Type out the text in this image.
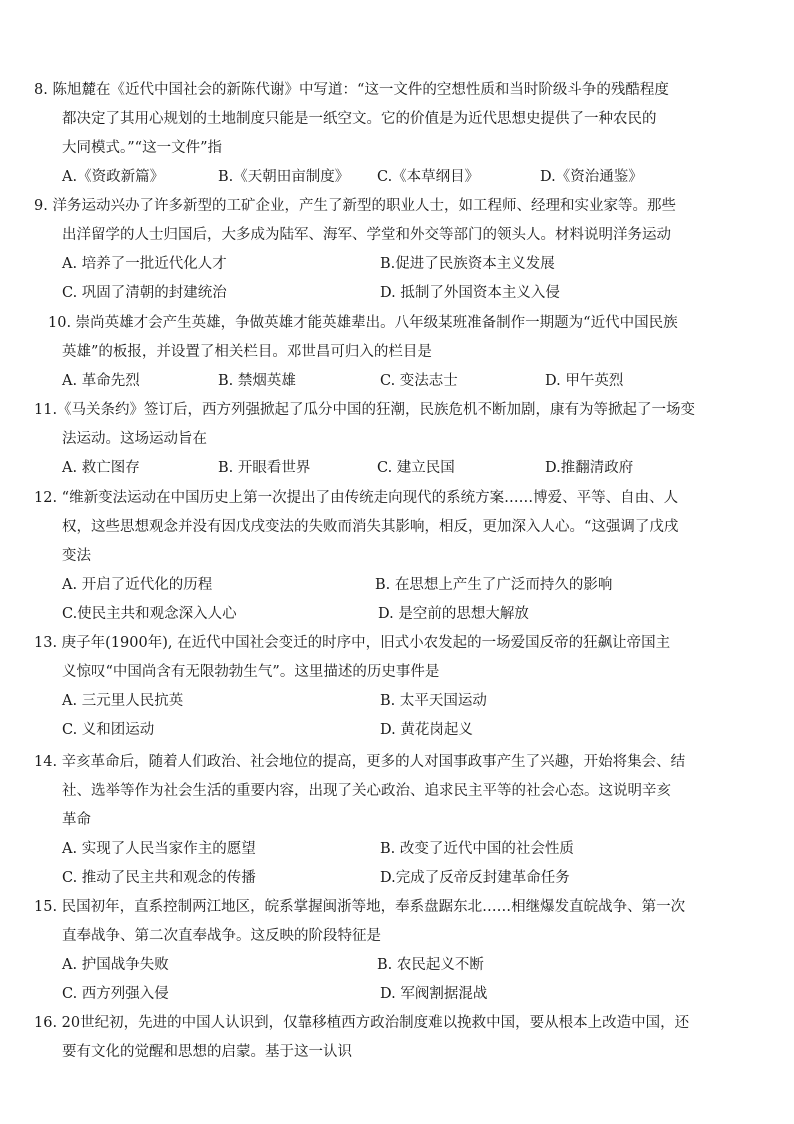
8. 陈旭麓在《近代中国社会的新陈代谢》中写道：“这一文件的空想性质和当时阶级斗争的残酷程度
都决定了其用心规划的土地制度只能是一纸空文。它的价值是为近代思想史提供了一种农民的
大同模式。”“这一文件”指
A.《资政新篇》	B.《天朝田亩制度》 C.《本草纲目》	D.《资治通鉴》
9. 洋务运动兴办了许多新型的工矿企业，产生了新型的职业人士，如工程师、经理和实业家等。那些
出洋留学的人士归国后，大多成为陆军、海军、学堂和外交等部门的领头人。材料说明洋务运动
A. 培养了一批近代化人才	B.促进了民族资本主义发展
C. 巩固了清朝的封建统治	D. 抵制了外国资本主义入侵
10. 崇尚英雄才会产生英雄，争做英雄才能英雄辈出。八年级某班准备制作一期题为“近代中国民族
英雄”的板报，并设置了相关栏目。邓世昌可归入的栏目是
A. 革命先烈	B. 禁烟英雄	C. 变法志士	D. 甲午英烈
11.《马关条约》签订后，西方列强掀起了瓜分中国的狂潮，民族危机不断加剧，康有为等掀起了一场变
法运动。这场运动旨在
A. 救亡图存	B. 开眼看世界	C. 建立民国	D.推翻清政府
12. “维新变法运动在中国历史上第一次提出了由传统走向现代的系统方案……博爱、平等、自由、人
权，这些思想观念并没有因戊戌变法的失败而消失其影响，相反，更加深入人心。“这强调了戊戌
变法
A. 开启了近代化的历程	B. 在思想上产生了广泛而持久的影响
C.使民主共和观念深入人心	D. 是空前的思想大解放
13. 庚子年(1900年), 在近代中国社会变迁的时序中，旧式小农发起的一场爱国反帝的狂飙让帝国主
义惊叹“中国尚含有无限勃勃生气”。这里描述的历史事件是
A. 三元里人民抗英	B. 太平天国运动
C. 义和团运动	D. 黄花岗起义
14. 辛亥革命后，随着人们政治、社会地位的提高，更多的人对国事政事产生了兴趣，开始将集会、结
社、选举等作为社会生活的重要内容，出现了关心政治、追求民主平等的社会心态。这说明辛亥
革命
A. 实现了人民当家作主的愿望	B. 改变了近代中国的社会性质
C. 推动了民主共和观念的传播	D.完成了反帝反封建革命任务
15. 民国初年，直系控制两江地区，皖系掌握闽浙等地，奉系盘踞东北……相继爆发直皖战争、第一次
直奉战争、第二次直奉战争。这反映的阶段特征是
A. 护国战争失败	B. 农民起义不断
C. 西方列强入侵	D. 军阀割据混战
16. 20世纪初，先进的中国人认识到，仅靠移植西方政治制度难以挽救中国，要从根本上改造中国，还
要有文化的觉醒和思想的启蒙。基于这一认识
